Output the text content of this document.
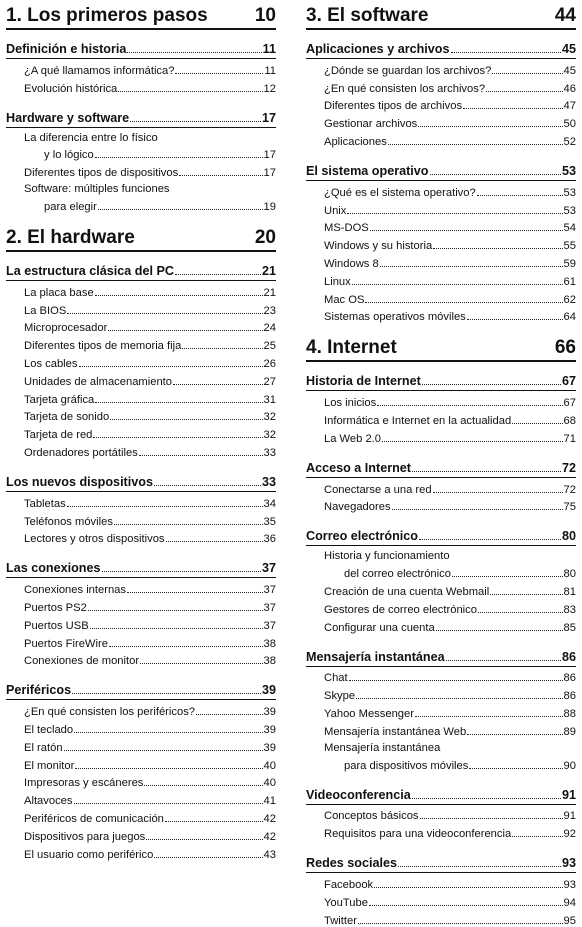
1. Los primeros pasos 10
Definición e historia	11
¿A qué llamamos informática?	11
Evolución histórica	12
Hardware y software	17
La diferencia entre lo físico
y lo lógico	17
Diferentes tipos de dispositivos	17
Software: múltiples funciones
para elegir	19
2. El hardware	20
La estructura clásica del PC	21
La placa base	21
La BIOS	23
Microprocesador	24
Diferentes tipos de memoria fija	25
Los cables	26
Unidades de almacenamiento	27
Tarjeta gráfica	31
Tarjeta de sonido	32
Tarjeta de red	32
Ordenadores portátiles	33
Los nuevos dispositivos	33
Tabletas	34
Teléfonos móviles	35
Lectores y otros dispositivos	36
Las conexiones	37
Conexiones internas	37
Puertos PS2	37
Puertos USB	37
Puertos FireWire	38
Conexiones de monitor	38
Periféricos	39
¿En qué consisten los periféricos?	39
El teclado	39
El ratón	39
El monitor	40
Impresoras y escáneres	40
Altavoces	41
Periféricos de comunicación	42
Dispositivos para juegos	42
El usuario como periférico	43
3. El software	44
Aplicaciones y archivos	45
¿Dónde se guardan los archivos?	45
¿En qué consisten los archivos?	46
Diferentes tipos de archivos	47
Gestionar archivos	50
Aplicaciones	52
El sistema operativo	53
¿Qué es el sistema operativo?	53
Unix	53
MS-DOS	54
Windows y su historia	55
Windows 8	59
Linux	61
Mac OS	62
Sistemas operativos móviles	64
4. Internet	66
Historia de Internet	67
Los inicios	67
Informática e Internet en la actualidad	68
La Web 2.0	71
Acceso a Internet	72
Conectarse a una red	72
Navegadores	75
Correo electrónico	80
Historia y funcionamiento
del correo electrónico	80
Creación de una cuenta Webmail	81
Gestores de correo electrónico	83
Configurar una cuenta	85
Mensajería instantánea	86
Chat	86
Skype	86
Yahoo Messenger	88
Mensajería instantánea Web	89
Mensajería instantánea
para dispositivos móviles	90
Videoconferencia	91
Conceptos básicos	91
Requisitos para una videoconferencia	92
Redes sociales	93
Facebook	93
YouTube	94
Twitter	95
